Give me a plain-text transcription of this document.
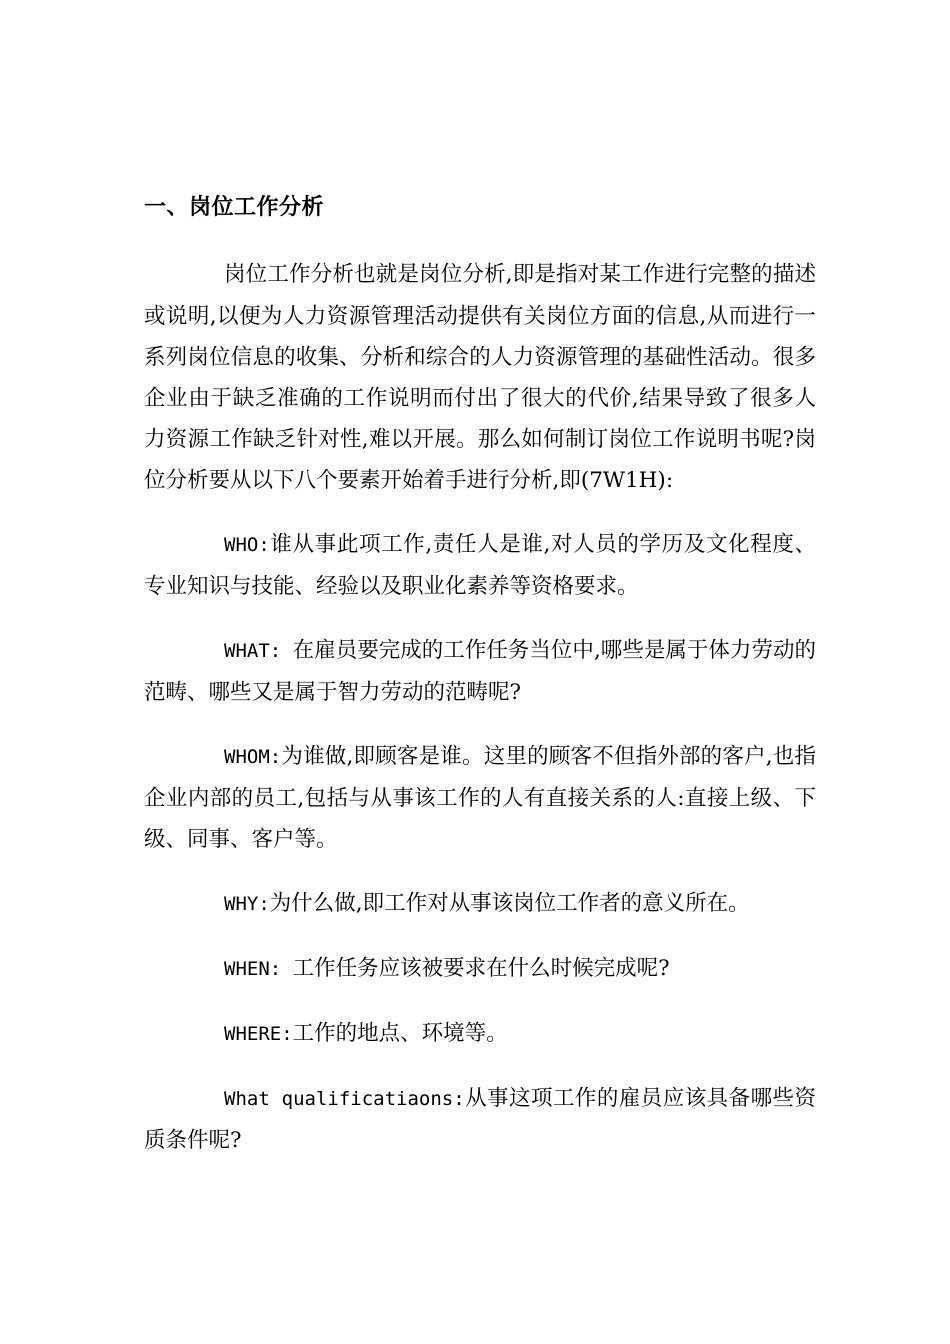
一、岗位工作分析

岗位工作分析也就是岗位分析,即是指对某工作进行完整的描述或说明,以便为人力资源管理活动提供有关岗位方面的信息,从而进行一系列岗位信息的收集、分析和综合的人力资源管理的基础性活动。很多企业由于缺乏准确的工作说明而付出了很大的代价,结果导致了很多人力资源工作缺乏针对性,难以开展。那么如何制订岗位工作说明书呢?岗位分析要从以下八个要素开始着手进行分析,即(7W1H):

WHO:谁从事此项工作,责任人是谁,对人员的学历及文化程度、专业知识与技能、经验以及职业化素养等资格要求。

WHAT: 在雇员要完成的工作任务当位中,哪些是属于体力劳动的范畴、哪些又是属于智力劳动的范畴呢?

WHOM:为谁做,即顾客是谁。这里的顾客不但指外部的客户,也指企业内部的员工,包括与从事该工作的人有直接关系的人:直接上级、下级、同事、客户等。

WHY:为什么做,即工作对从事该岗位工作者的意义所在。

WHEN: 工作任务应该被要求在什么时候完成呢?

WHERE:工作的地点、环境等。

What qualificatiaons:从事这项工作的雇员应该具备哪些资质条件呢?
